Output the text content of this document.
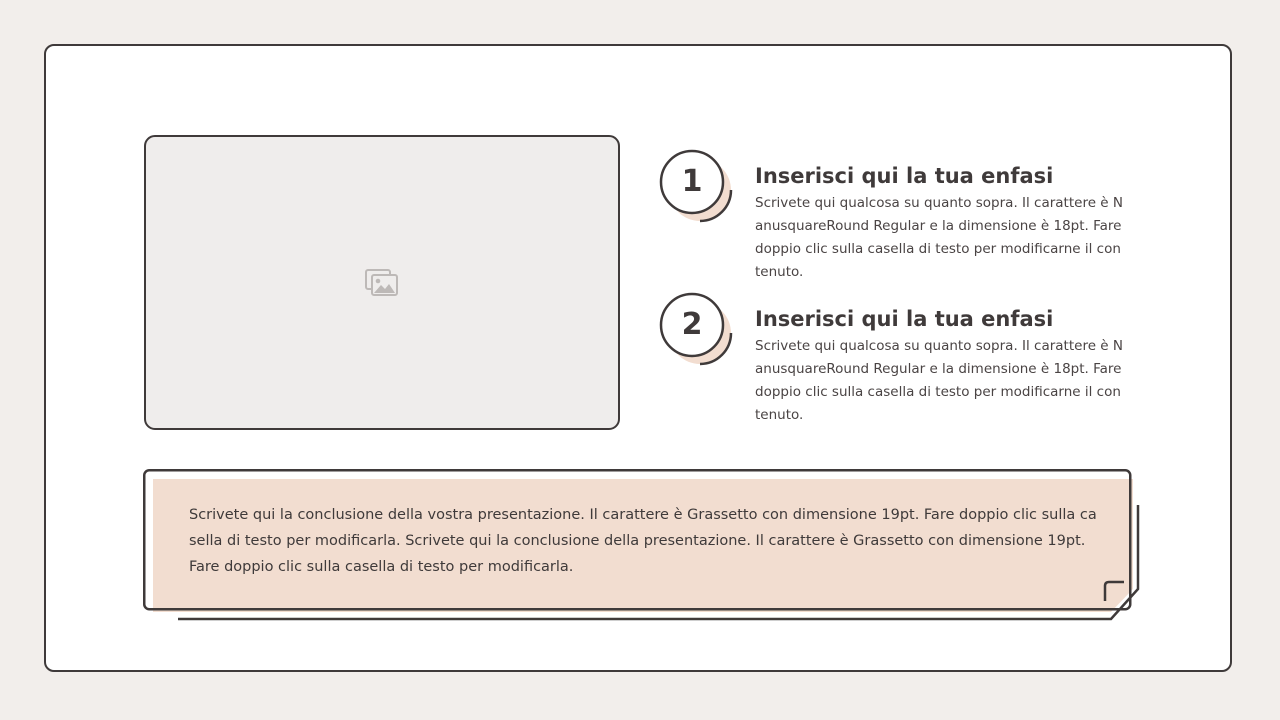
1	Inserisci qui la tua enfasi

Scrivete qui qualcosa su quanto sopra. Il carattere è NanusquareRound Regular e la dimensione è 18pt. Fare doppio clic sulla casella di testo per modificarne il contenuto.

2	Inserisci qui la tua enfasi

Scrivete qui qualcosa su quanto sopra. Il carattere è NanusquareRound Regular e la dimensione è 18pt. Fare doppio clic sulla casella di testo per modificarne il contenuto.

Scrivete qui la conclusione della vostra presentazione. Il carattere è Grassetto con dimensione 19pt. Fare doppio clic sulla casella di testo per modificarla. Scrivete qui la conclusione della presentazione. Il carattere è Grassetto con dimensione 19pt. Fare doppio clic sulla casella di testo per modificarla.
